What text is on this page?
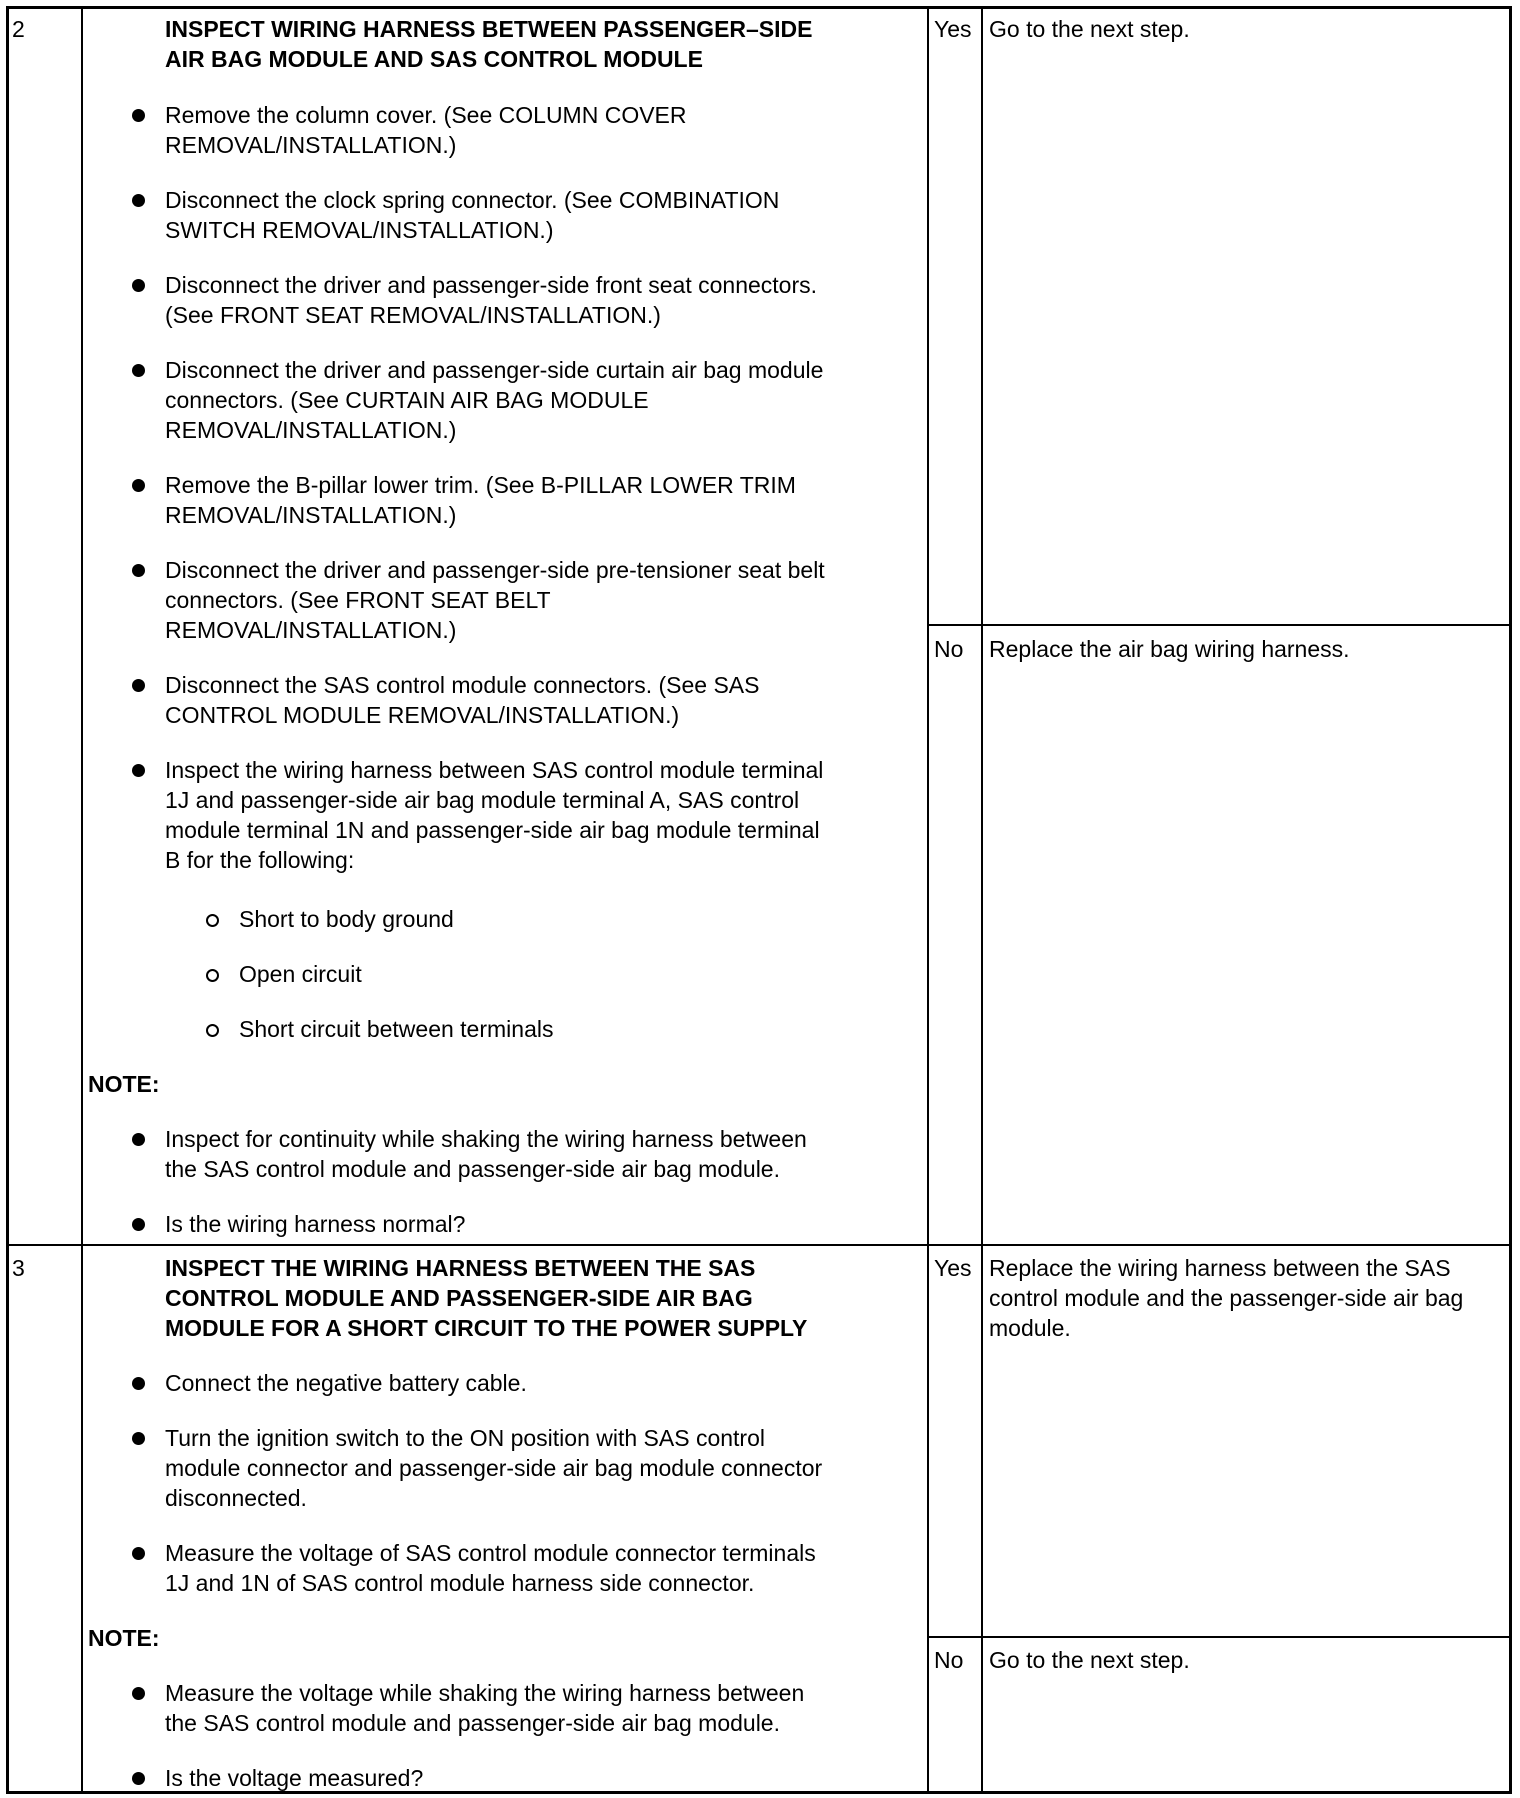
2	INSPECT WIRING HARNESS BETWEEN PASSENGER–SIDE
AIR BAG MODULE AND SAS CONTROL MODULE
Remove the column cover. (See COLUMN COVER
REMOVAL/INSTALLATION.)
Disconnect the clock spring connector. (See COMBINATION
SWITCH REMOVAL/INSTALLATION.)
Disconnect the driver and passenger-side front seat connectors.
(See FRONT SEAT REMOVAL/INSTALLATION.)
Disconnect the driver and passenger-side curtain air bag module
connectors. (See CURTAIN AIR BAG MODULE
REMOVAL/INSTALLATION.)
Remove the B-pillar lower trim. (See B-PILLAR LOWER TRIM
REMOVAL/INSTALLATION.)
Disconnect the driver and passenger-side pre-tensioner seat belt
connectors. (See FRONT SEAT BELT
REMOVAL/INSTALLATION.)
Disconnect the SAS control module connectors. (See SAS
CONTROL MODULE REMOVAL/INSTALLATION.)
Inspect the wiring harness between SAS control module terminal
1J and passenger-side air bag module terminal A, SAS control
module terminal 1N and passenger-side air bag module terminal
B for the following:
Short to body ground
Open circuit
Short circuit between terminals
NOTE:
Inspect for continuity while shaking the wiring harness between
the SAS control module and passenger-side air bag module.
Is the wiring harness normal?
Yes Go to the next step.
No Replace the air bag wiring harness.
3	INSPECT THE WIRING HARNESS BETWEEN THE SAS
CONTROL MODULE AND PASSENGER-SIDE AIR BAG
MODULE FOR A SHORT CIRCUIT TO THE POWER SUPPLY
Connect the negative battery cable.
Turn the ignition switch to the ON position with SAS control
module connector and passenger-side air bag module connector
disconnected.
Measure the voltage of SAS control module connector terminals
1J and 1N of SAS control module harness side connector.
NOTE:
Measure the voltage while shaking the wiring harness between
the SAS control module and passenger-side air bag module.
Is the voltage measured?
Yes Replace the wiring harness between the SAS
control module and the passenger-side air bag
module.
No Go to the next step.
